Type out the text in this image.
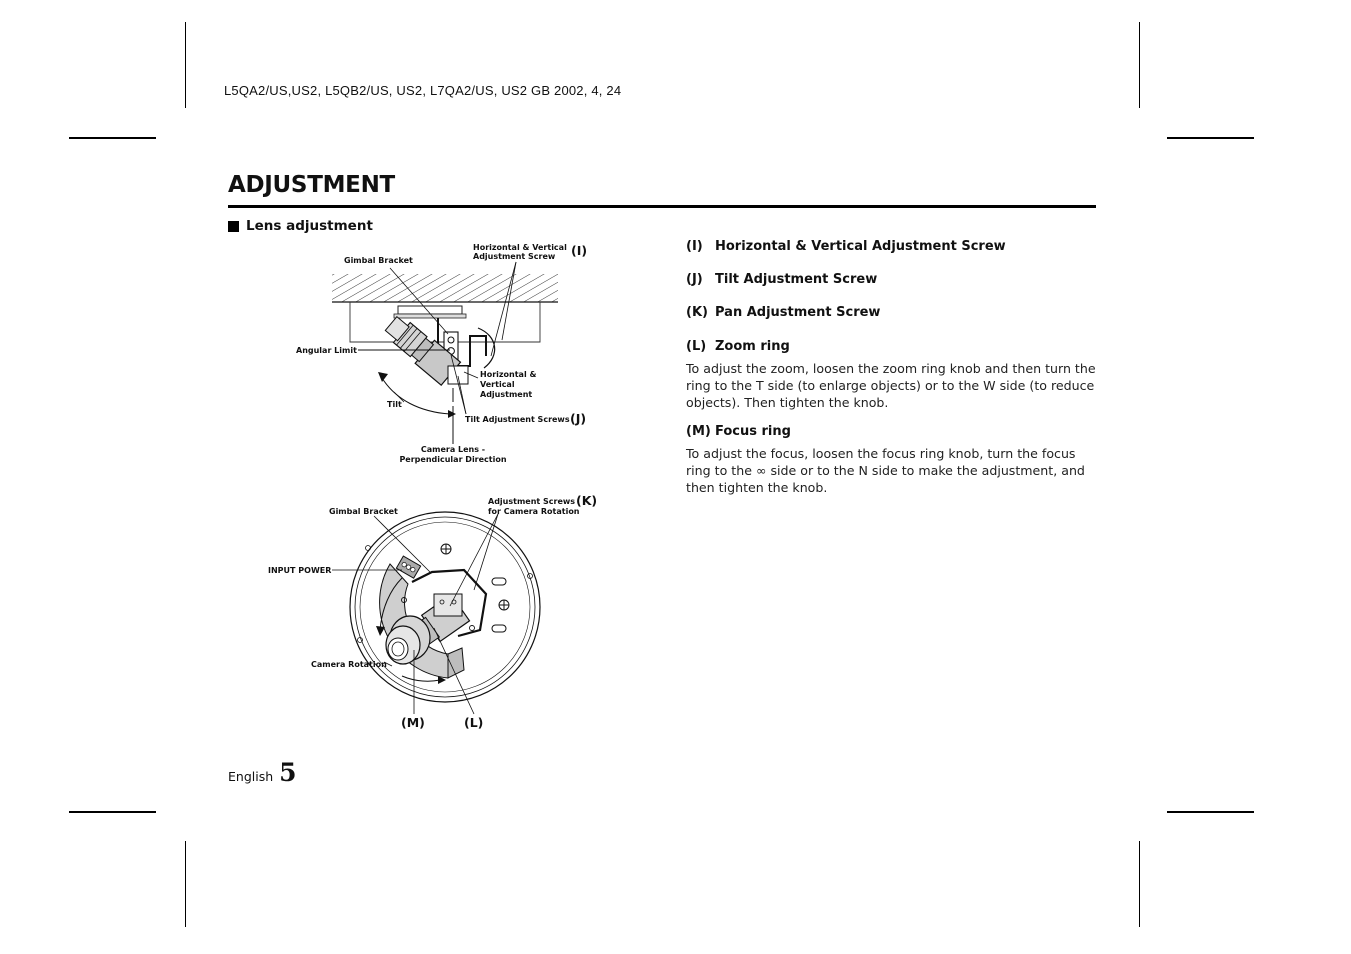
L5QA2/US,US2, L5QB2/US, US2, L7QA2/US, US2 GB 2002, 4, 24
ADJUSTMENT
Lens adjustment
Gimbal Bracket
Horizontal & Vertical
Adjustment Screw (I)
Angular Limit
Horizontal &
Vertical
Adjustment
Tilt
Tilt Adjustment Screws (J)
Camera Lens -
Perpendicular Direction
Gimbal Bracket
Adjustment Screws
for Camera Rotation
(K)
INPUT POWER
Camera Rotation
(M)	(L)
(I) Horizontal & Vertical Adjustment Screw
(J) Tilt Adjustment Screw
(K) Pan Adjustment Screw
(L) Zoom ring

To adjust the zoom, loosen the zoom ring knob and then turn the ring to the T side (to enlarge objects) or to the W side (to reduce objects). Then tighten the knob.

(M) Focus ring

To adjust the focus, loosen the focus ring knob, turn the focus ring to the ∞ side or to the N side to make the adjustment, and then tighten the knob.

English 5
